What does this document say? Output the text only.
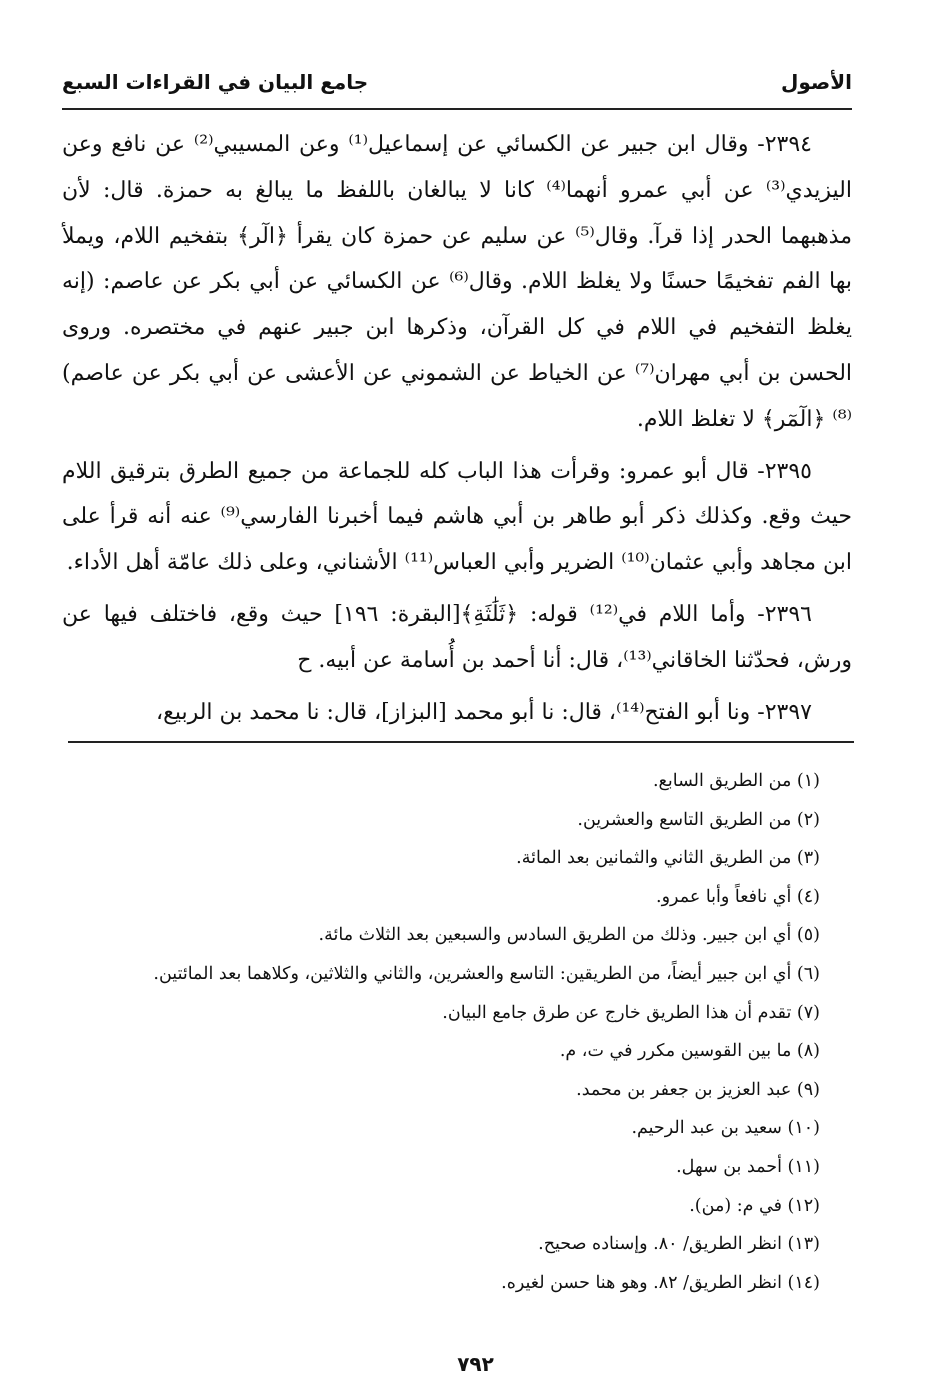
الأصول
جامع البيان في القراءات السبع

٢٣٩٤- وقال ابن جبير عن الكسائي عن إسماعيل⁽¹⁾ وعن المسيبي⁽²⁾ عن نافع وعن اليزيدي⁽³⁾ عن أبي عمرو أنهما⁽⁴⁾ كانا لا يبالغان باللفظ ما يبالغ به حمزة. قال: لأن مذهبهما الحدر إذا قرآ. وقال⁽⁵⁾ عن سليم عن حمزة كان يقرأ ﴿الٓر﴾ بتفخيم اللام، ويملأ بها الفم تفخيمًا حسنًا ولا يغلظ اللام. وقال⁽⁶⁾ عن الكسائي عن أبي بكر عن عاصم: (إنه يغلظ التفخيم في اللام في كل القرآن، وذكرها ابن جبير عنهم في مختصره. وروى الحسن بن أبي مهران⁽⁷⁾ عن الخياط عن الشموني عن الأعشى عن أبي بكر عن عاصم)⁽⁸⁾ ﴿الٓمٓر﴾ لا تغلظ اللام.

٢٣٩٥- قال أبو عمرو: وقرأت هذا الباب كله للجماعة من جميع الطرق بترقيق اللام حيث وقع. وكذلك ذكر أبو طاهر بن أبي هاشم فيما أخبرنا الفارسي⁽⁹⁾ عنه أنه قرأ على ابن مجاهد وأبي عثمان⁽¹⁰⁾ الضرير وأبي العباس⁽¹¹⁾ الأشناني، وعلى ذلك عامّة أهل الأداء.

٢٣٩٦- وأما اللام في⁽¹²⁾ قوله: ﴿ثَلَٰثَةِ﴾[البقرة: ١٩٦] حيث وقع، فاختلف فيها عن ورش، فحدّثنا الخاقاني⁽¹³⁾، قال: أنا أحمد بن أُسامة عن أبيه. ح

٢٣٩٧- ونا أبو الفتح⁽¹⁴⁾، قال: نا أبو محمد [البزاز]، قال: نا محمد بن الربيع،

(١) من الطريق السابع.

(٢) من الطريق التاسع والعشرين.

(٣) من الطريق الثاني والثمانين بعد المائة.

(٤) أي نافعاً وأبا عمرو.

(٥) أي ابن جبير. وذلك من الطريق السادس والسبعين بعد الثلاث مائة.

(٦) أي ابن جبير أيضاً، من الطريقين: التاسع والعشرين، والثاني والثلاثين، وكلاهما بعد المائتين.

(٧) تقدم أن هذا الطريق خارج عن طرق جامع البيان.

(٨) ما بين القوسين مكرر في ت، م.

(٩) عبد العزيز بن جعفر بن محمد.

(١٠) سعيد بن عبد الرحيم.

(١١) أحمد بن سهل.

(١٢) في م: (من).

(١٣) انظر الطريق/ ٨٠. وإسناده صحيح.

(١٤) انظر الطريق/ ٨٢. وهو هنا حسن لغيره.

٧٩٢
